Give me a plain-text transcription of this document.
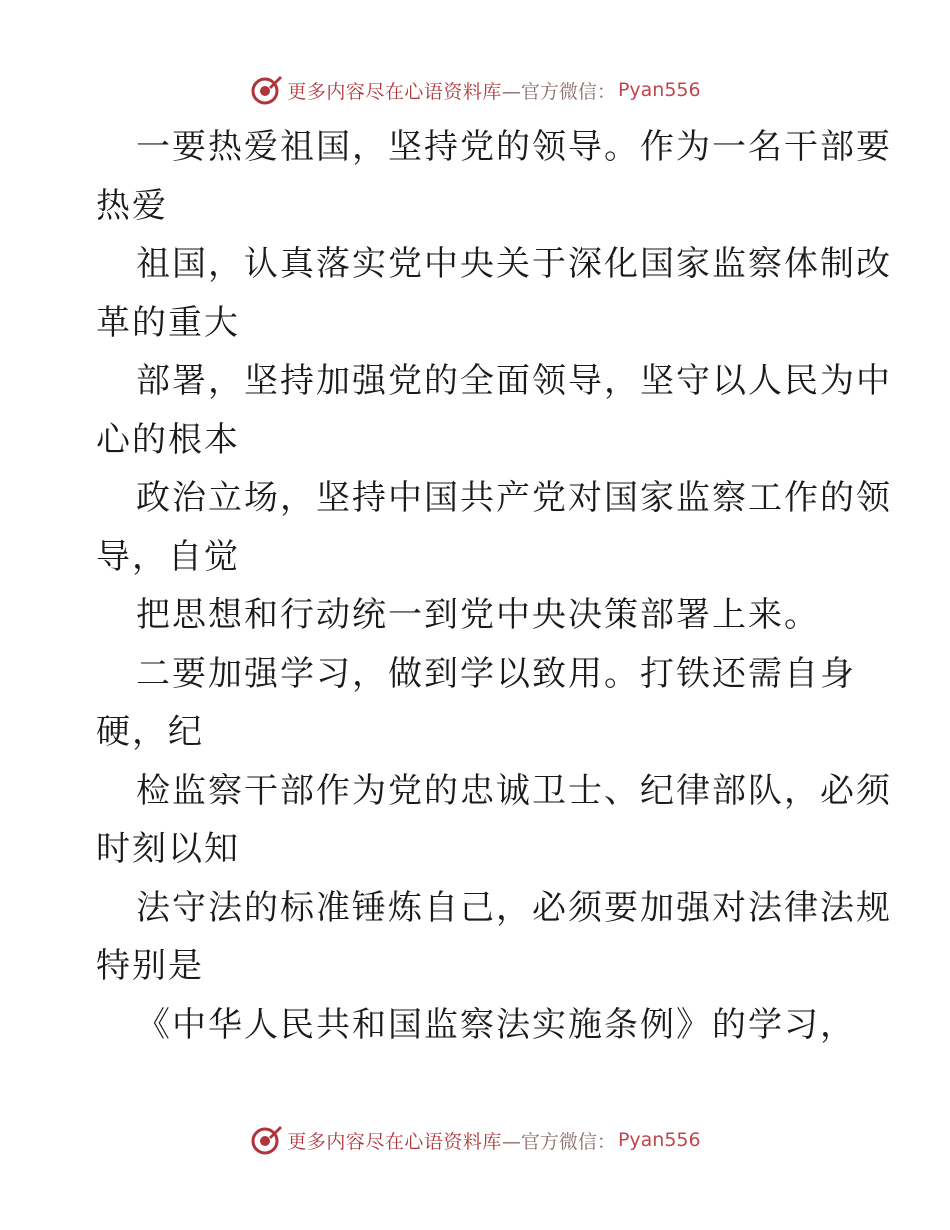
更多内容尽在心语资料库 —官方微信： Pyan556
一要热爱祖国，坚持党的领导。作为一名干部要
热爱
祖国，认真落实党中央关于深化国家监察体制改
革的重大
部署，坚持加强党的全面领导，坚守以人民为中
心的根本
政治立场，坚持中国共产党对国家监察工作的领
导，自觉
把思想和行动统一到党中央决策部署上来。
二要加强学习，做到学以致用。打铁还需自身
硬，纪
检监察干部作为党的忠诚卫士、纪律部队，必须
时刻以知
法守法的标准锤炼自己，必须要加强对法律法规
特别是
《中华人民共和国监察法实施条例》的学习，
更多内容尽在心语资料库 —官方微信： Pyan556
